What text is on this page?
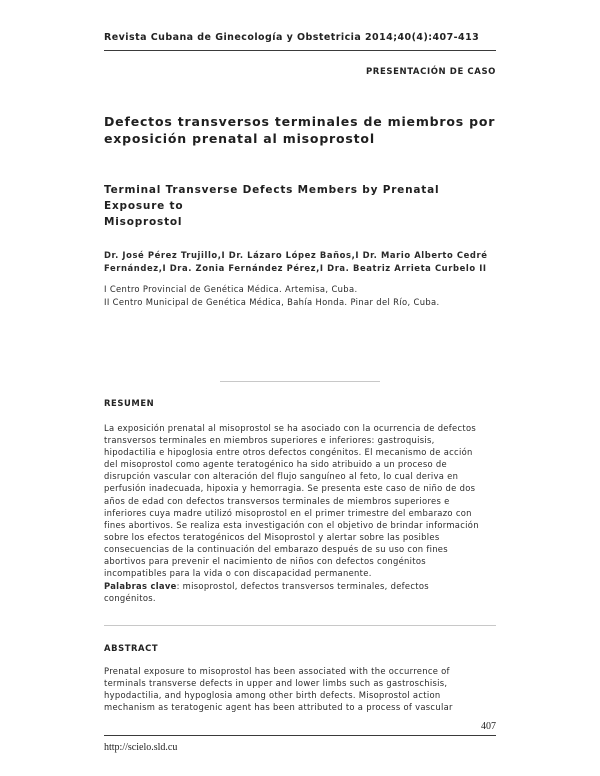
Revista Cubana de Ginecología y Obstetricia 2014;40(4):407-413
PRESENTACIÓN DE CASO
Defectos transversos terminales de miembros por
exposición prenatal al misoprostol
Terminal Transverse Defects Members by Prenatal Exposure to
Misoprostol
Dr. José Pérez Trujillo,I Dr. Lázaro López Baños,I Dr. Mario Alberto Cedré
Fernández,I Dra. Zonia Fernández Pérez,I Dra. Beatriz Arrieta Curbelo II
I Centro Provincial de Genética Médica. Artemisa, Cuba.
II Centro Municipal de Genética Médica, Bahía Honda. Pinar del Río, Cuba.
RESUMEN
La exposición prenatal al misoprostol se ha asociado con la ocurrencia de defectos
transversos terminales en miembros superiores e inferiores: gastroquisis,
hipodactilia e hipoglosia entre otros defectos congénitos. El mecanismo de acción
del misoprostol como agente teratogénico ha sido atribuido a un proceso de
disrupción vascular con alteración del flujo sanguíneo al feto, lo cual deriva en
perfusión inadecuada, hipoxia y hemorragia. Se presenta este caso de niño de dos
años de edad con defectos transversos terminales de miembros superiores e
inferiores cuya madre utilizó misoprostol en el primer trimestre del embarazo con
fines abortivos. Se realiza esta investigación con el objetivo de brindar información
sobre los efectos teratogénicos del Misoprostol y alertar sobre las posibles
consecuencias de la continuación del embarazo después de su uso con fines
abortivos para prevenir el nacimiento de niños con defectos congénitos
incompatibles para la vida o con discapacidad permanente.
Palabras clave: misoprostol, defectos transversos terminales, defectos
congénitos.
ABSTRACT
Prenatal exposure to misoprostol has been associated with the occurrence of
terminals transverse defects in upper and lower limbs such as gastroschisis,
hypodactilia, and hypoglosia among other birth defects. Misoprostol action
mechanism as teratogenic agent has been attributed to a process of vascular
407
http://scielo.sld.cu
